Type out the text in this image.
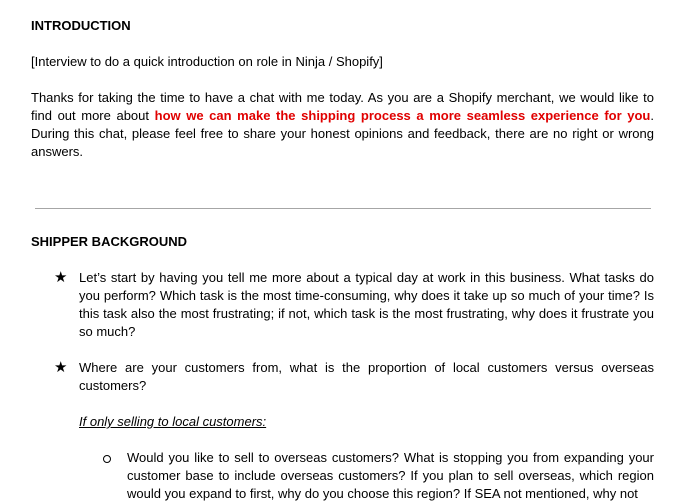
INTRODUCTION
[Interview to do a quick introduction on role in Ninja / Shopify]
Thanks for taking the time to have a chat with me today. As you are a Shopify merchant, we would like to find out more about how we can make the shipping process a more seamless experience for you. During this chat, please feel free to share your honest opinions and feedback, there are no right or wrong answers.
SHIPPER BACKGROUND
★ Let’s start by having you tell me more about a typical day at work in this business. What tasks do you perform? Which task is the most time-consuming, why does it take up so much of your time? Is this task also the most frustrating; if not, which task is the most frustrating, why does it frustrate you so much?
★ Where are your customers from, what is the proportion of local customers versus overseas customers?
If only selling to local customers:
Would you like to sell to overseas customers? What is stopping you from expanding your customer base to include overseas customers? If you plan to sell overseas, which region would you expand to first, why do you choose this region? If SEA not mentioned, why not
